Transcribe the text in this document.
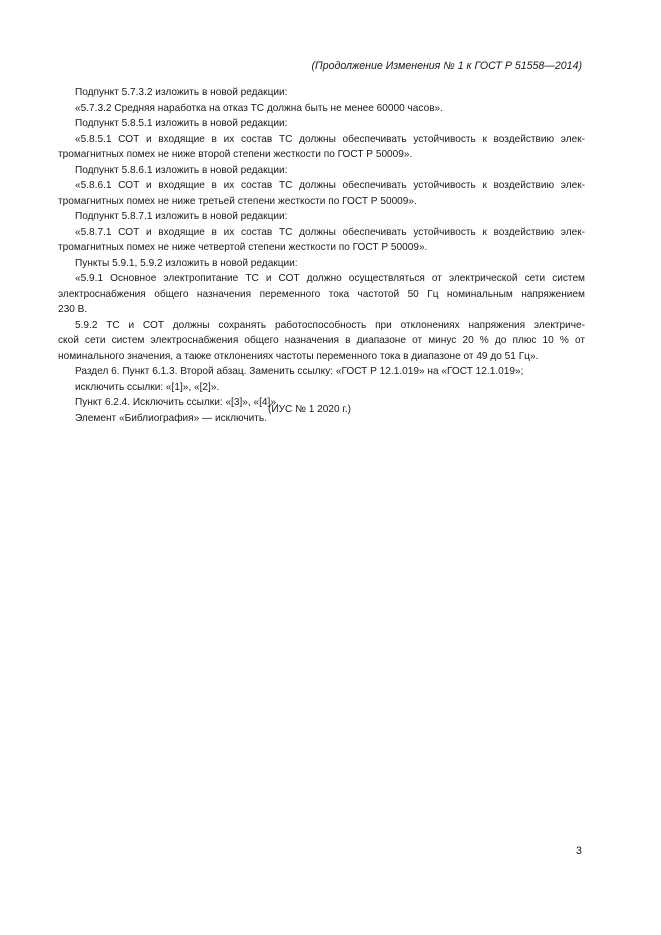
(Продолжение Изменения № 1 к ГОСТ Р 51558—2014)

Подпункт 5.7.3.2 изложить в новой редакции:

«5.7.3.2 Средняя наработка на отказ ТС должна быть не менее 60000 часов».

Подпункт 5.8.5.1 изложить в новой редакции:

«5.8.5.1 СОТ и входящие в их состав ТС должны обеспечивать устойчивость к воздействию элек-

тромагнитных помех не ниже второй степени жесткости по ГОСТ Р 50009».

Подпункт 5.8.6.1 изложить в новой редакции:

«5.8.6.1 СОТ и входящие в их состав ТС должны обеспечивать устойчивость к воздействию элек-

тромагнитных помех не ниже третьей степени жесткости по ГОСТ Р 50009».

Подпункт 5.8.7.1 изложить в новой редакции:

«5.8.7.1 СОТ и входящие в их состав ТС должны обеспечивать устойчивость к воздействию элек-

тромагнитных помех не ниже четвертой степени жесткости по ГОСТ Р 50009».

Пункты 5.9.1, 5.9.2 изложить в новой редакции:

«5.9.1 Основное электропитание ТС и СОТ должно осуществляться от электрической сети систем

электроснабжения общего назначения переменного тока частотой 50 Гц номинальным напряжением

230 В.

5.9.2 ТС и СОТ должны сохранять работоспособность при отклонениях напряжения электриче-

ской сети систем электроснабжения общего назначения в диапазоне от минус 20 % до плюс 10 % от

номинального значения, а также отклонениях частоты переменного тока в диапазоне от 49 до 51 Гц».

Раздел 6. Пункт 6.1.3. Второй абзац. Заменить ссылку: «ГОСТ Р 12.1.019» на «ГОСТ 12.1.019»;

исключить ссылки: «[1]», «[2]».

Пункт 6.2.4. Исключить ссылки: «[3]», «[4]».

Элемент «Библиография» — исключить.

(ИУС № 1 2020 г.)
3
